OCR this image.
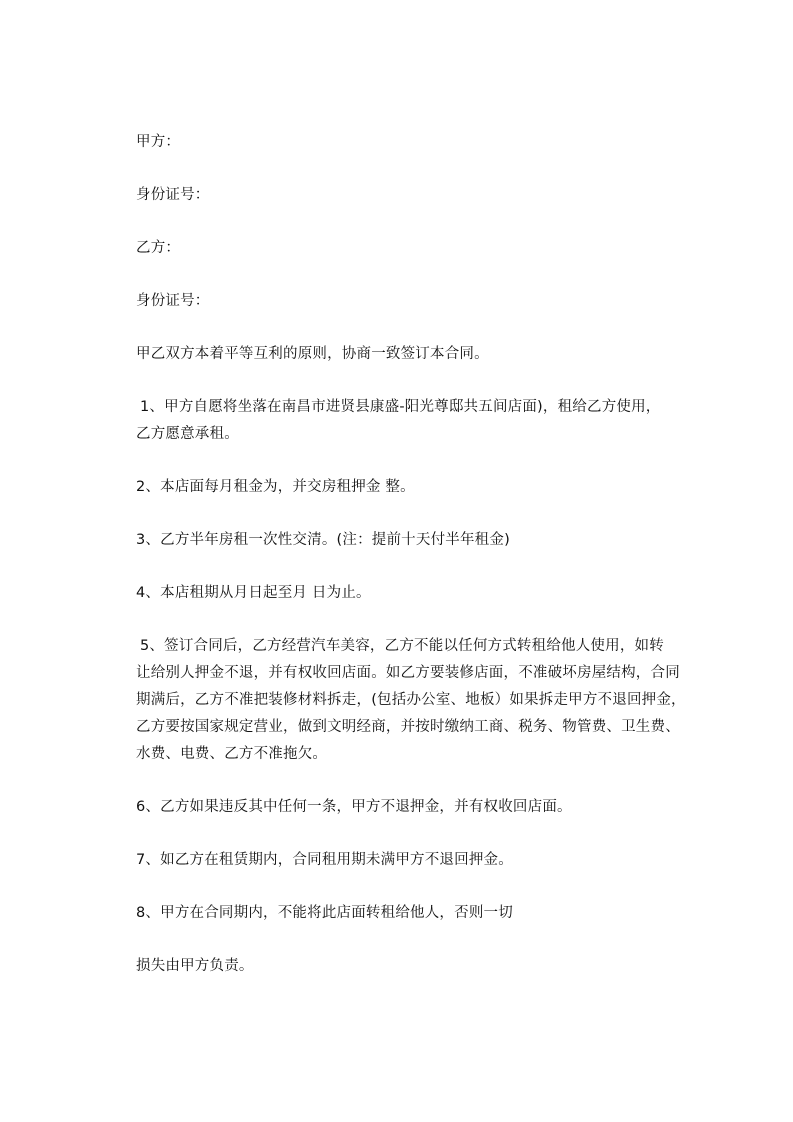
甲方：

身份证号：

乙方：

身份证号：

甲乙双方本着平等互利的原则，协商一致签订本合同。

1、甲方自愿将坐落在南昌市进贤县康盛-阳光尊邸共五间店面)，租给乙方使用，
乙方愿意承租。

2、本店面每月租金为，并交房租押金 整。

3、乙方半年房租一次性交清。(注：提前十天付半年租金)

4、本店租期从月日起至月 日为止。

5、签订合同后，乙方经营汽车美容，乙方不能以任何方式转租给他人使用，如转
让给别人押金不退，并有权收回店面。如乙方要装修店面，不准破坏房屋结构，合同
期满后，乙方不准把装修材料拆走，(包括办公室、地板）如果拆走甲方不退回押金，
乙方要按国家规定营业，做到文明经商，并按时缴纳工商、税务、物管费、卫生费、
水费、电费、乙方不准拖欠。

6、乙方如果违反其中任何一条，甲方不退押金，并有权收回店面。

7、如乙方在租赁期内，合同租用期未满甲方不退回押金。

8、甲方在合同期内，不能将此店面转租给他人，否则一切

损失由甲方负责。
